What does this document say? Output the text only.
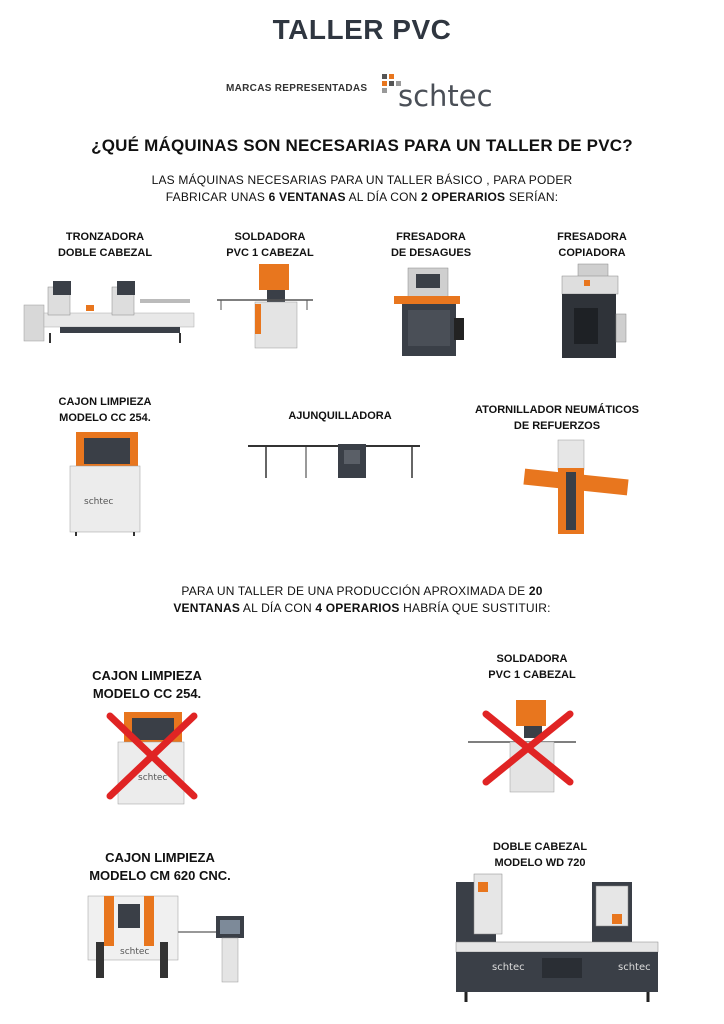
TALLER PVC
MARCAS REPRESENTADAS schtec
¿QUÉ MÁQUINAS SON NECESARIAS PARA UN TALLER DE PVC?
LAS MÁQUINAS NECESARIAS PARA UN TALLER BÁSICO , PARA PODER
FABRICAR UNAS 6 VENTANAS AL DÍA CON 2 OPERARIOS SERÍAN:
TRONZADORA
DOBLE CABEZAL
SOLDADORA
PVC 1 CABEZAL
FRESADORA
DE DESAGUES
FRESADORA
COPIADORA
CAJON LIMPIEZA
MODELO CC 254.	AJUNQUILLADORA	ATORNILLADOR NEUMÁTICOS
DE REFUERZOS
schtec
PARA UN TALLER DE UNA PRODUCCIÓN APROXIMADA DE 20
VENTANAS AL DÍA CON 4 OPERARIOS HABRÍA QUE SUSTITUIR:
CAJON LIMPIEZA
MODELO CC 254.
SOLDADORA
PVC 1 CABEZAL
schtec
CAJON LIMPIEZA
MODELO CM 620 CNC.
DOBLE CABEZAL
MODELO WD 720
schtec
schtec	schtec
